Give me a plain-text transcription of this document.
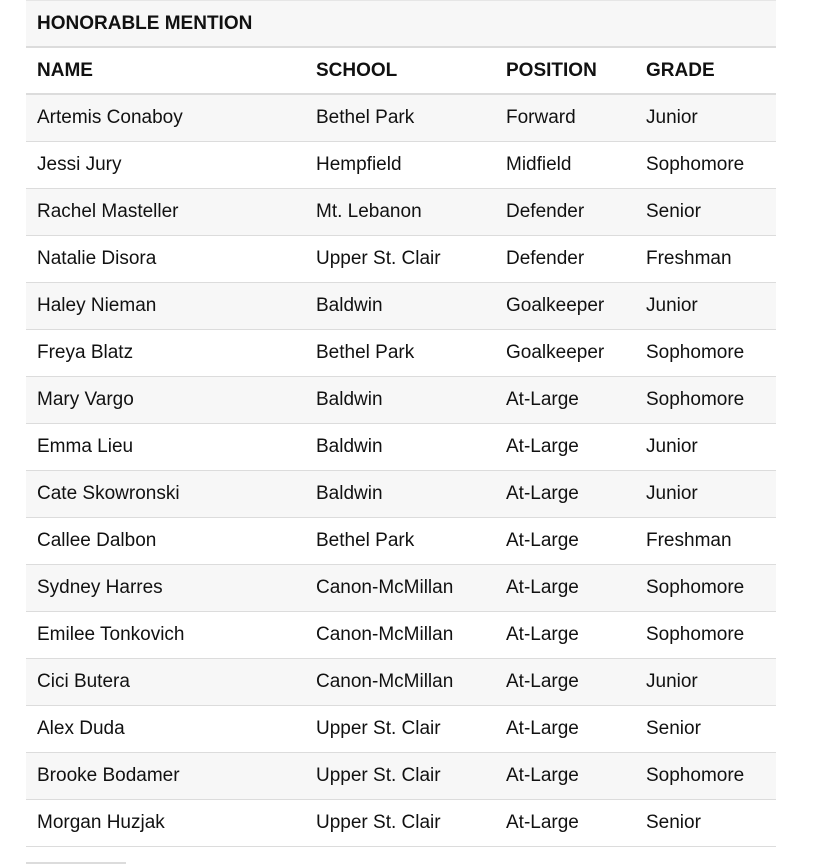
HONORABLE MENTION			
NAME	SCHOOL	POSITION	GRADE
Artemis Conaboy	Bethel Park	Forward	Junior
Jessi Jury	Hempfield	Midfield	Sophomore
Rachel Masteller	Mt. Lebanon	Defender	Senior
Natalie Disora	Upper St. Clair	Defender	Freshman
Haley Nieman	Baldwin	Goalkeeper	Junior
Freya Blatz	Bethel Park	Goalkeeper	Sophomore
Mary Vargo	Baldwin	At-Large	Sophomore
Emma Lieu	Baldwin	At-Large	Junior
Cate Skowronski	Baldwin	At-Large	Junior
Callee Dalbon	Bethel Park	At-Large	Freshman
Sydney Harres	Canon-McMillan	At-Large	Sophomore
Emilee Tonkovich	Canon-McMillan	At-Large	Sophomore
Cici Butera	Canon-McMillan	At-Large	Junior
Alex Duda	Upper St. Clair	At-Large	Senior
Brooke Bodamer	Upper St. Clair	At-Large	Sophomore
Morgan Huzjak	Upper St. Clair	At-Large	Senior
